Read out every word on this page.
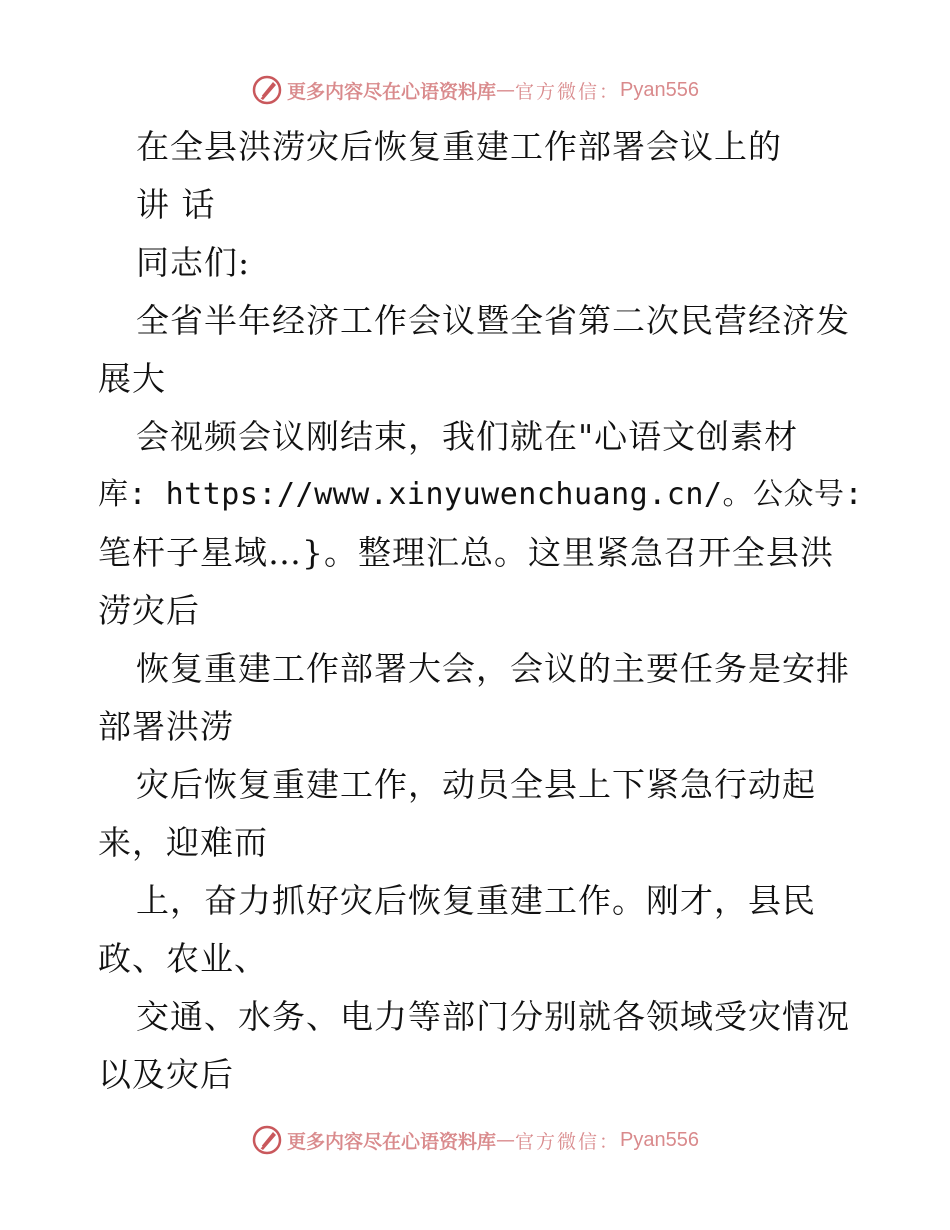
更多内容尽在心语资料库 — 官方微信： Pyan556
在全县洪涝灾后恢复重建工作部署会议上的
讲 话
同志们:
全省半年经济工作会议暨全省第二次民营经济发
展大
会视频会议刚结束，我们就在"心语文创素材
库: https://www.xinyuwenchuang.cn/。公众号:
笔杆子星域…}。整理汇总。这里紧急召开全县洪
涝灾后
恢复重建工作部署大会，会议的主要任务是安排
部署洪涝
灾后恢复重建工作，动员全县上下紧急行动起
来，迎难而
上，奋力抓好灾后恢复重建工作。刚才，县民
政、农业、
交通、水务、电力等部门分别就各领域受灾情况
以及灾后
更多内容尽在心语资料库 — 官方微信： Pyan556
